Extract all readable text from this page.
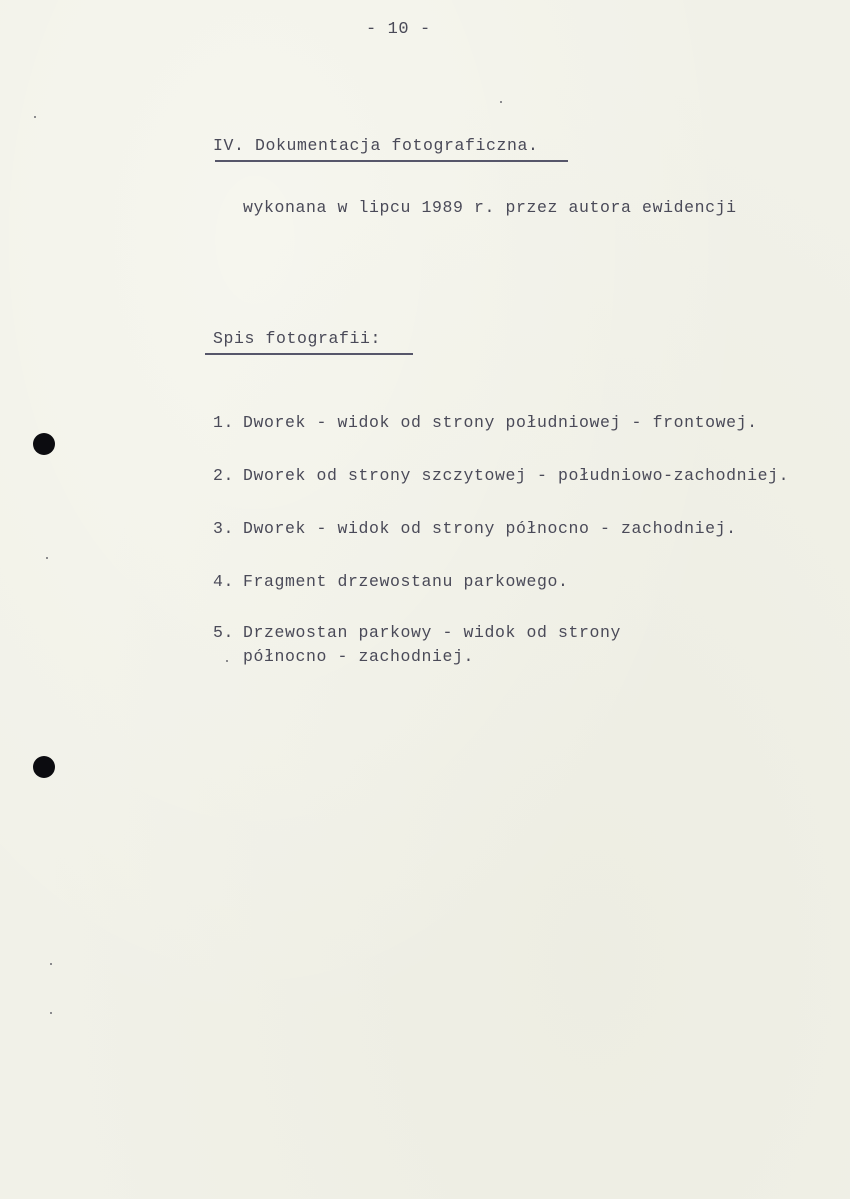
- 10 -
IV. Dokumentacja fotograficzna.
wykonana w lipcu 1989 r. przez autora ewidencji
Spis fotografii:
1. Dworek - widok od strony południowej - frontowej.
2. Dworek od strony szczytowej - południowo-zachodniej.
3. Dworek - widok od strony północno - zachodniej.
4. Fragment drzewostanu parkowego.
5. Drzewostan parkowy - widok od strony
północno - zachodniej.
